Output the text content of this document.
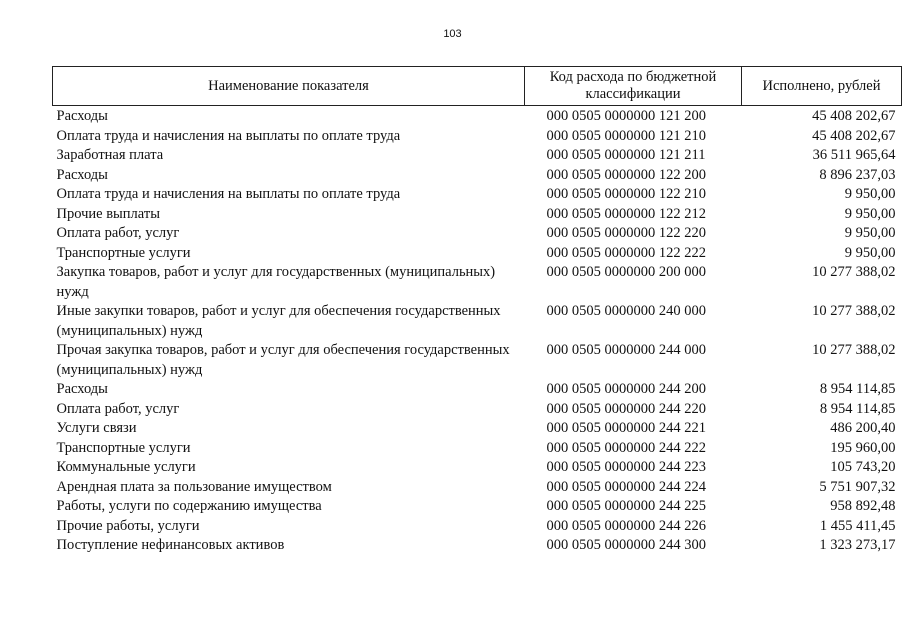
103
Наименование показателя	Код расхода по бюджетной классификации	Исполнено, рублей
Расходы	000 0505 0000000 121 200	45 408 202,67
Оплата труда и начисления на выплаты по оплате труда	000 0505 0000000 121 210	45 408 202,67
Заработная плата	000 0505 0000000 121 211	36 511 965,64
Расходы	000 0505 0000000 122 200	8 896 237,03
Оплата труда и начисления на выплаты по оплате труда	000 0505 0000000 122 210	9 950,00
Прочие выплаты	000 0505 0000000 122 212	9 950,00
Оплата работ, услуг	000 0505 0000000 122 220	9 950,00
Транспортные услуги	000 0505 0000000 122 222	9 950,00
Закупка товаров, работ и услуг для государственных (муниципальных) нужд	000 0505 0000000 200 000	10 277 388,02
Иные закупки товаров, работ и услуг для обеспечения государственных (муниципальных) нужд	000 0505 0000000 240 000	10 277 388,02
Прочая закупка товаров, работ и услуг для обеспечения государственных (муниципальных) нужд	000 0505 0000000 244 000	10 277 388,02
Расходы	000 0505 0000000 244 200	8 954 114,85
Оплата работ, услуг	000 0505 0000000 244 220	8 954 114,85
Услуги связи	000 0505 0000000 244 221	486 200,40
Транспортные услуги	000 0505 0000000 244 222	195 960,00
Коммунальные услуги	000 0505 0000000 244 223	105 743,20
Арендная плата за пользование имуществом	000 0505 0000000 244 224	5 751 907,32
Работы, услуги по содержанию имущества	000 0505 0000000 244 225	958 892,48
Прочие работы, услуги	000 0505 0000000 244 226	1 455 411,45
Поступление нефинансовых активов	000 0505 0000000 244 300	1 323 273,17
